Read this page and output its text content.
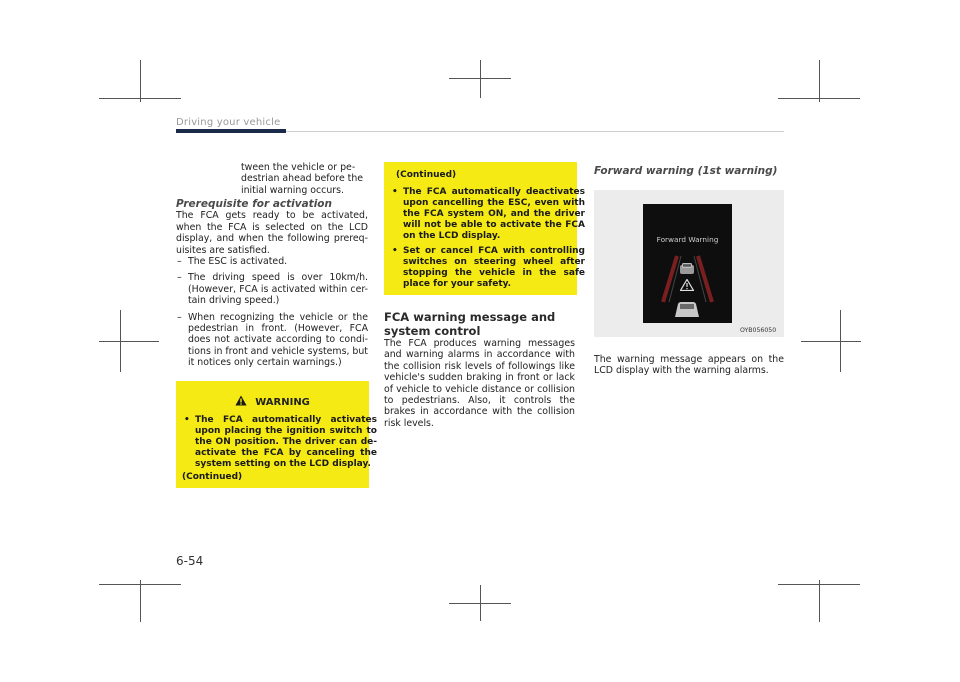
Driving your vehicle
tween the vehicle or pe-
destrian ahead before the
initial warning occurs.
Prerequisite for activation

The FCA gets ready to be activated, when the FCA is selected on the LCD display, and when the following prereq-uisites are satisfied.

– The ESC is activated.
– The driving speed is over 10km/h. (However, FCA is activated within cer-tain driving speed.)
– When recognizing the vehicle or the pedestrian in front. (However, FCA does not activate according to condi-tions in front and vehicle systems, but it notices only certain warnings.)
WARNING
• The FCA automatically activates upon placing the ignition switch to the ON position. The driver can de-activate the FCA by canceling the system setting on the LCD display.
(Continued)
(Continued)
• The FCA automatically deactivates upon cancelling the ESC, even with the FCA system ON, and the driver will not be able to activate the FCA on the LCD display.
• Set or cancel FCA with controlling switches on steering wheel after stopping the vehicle in the safe place for your safety.
FCA warning message and
system control

The FCA produces warning messages and warning alarms in accordance with the collision risk levels of followings like vehicle's sudden braking in front or lack of vehicle to vehicle distance or collision to pedestrians. Also, it controls the brakes in accordance with the collision risk levels.

Forward warning (1st warning)
Forward Warning
OYB056050
The warning message appears on the LCD display with the warning alarms.
6-54
